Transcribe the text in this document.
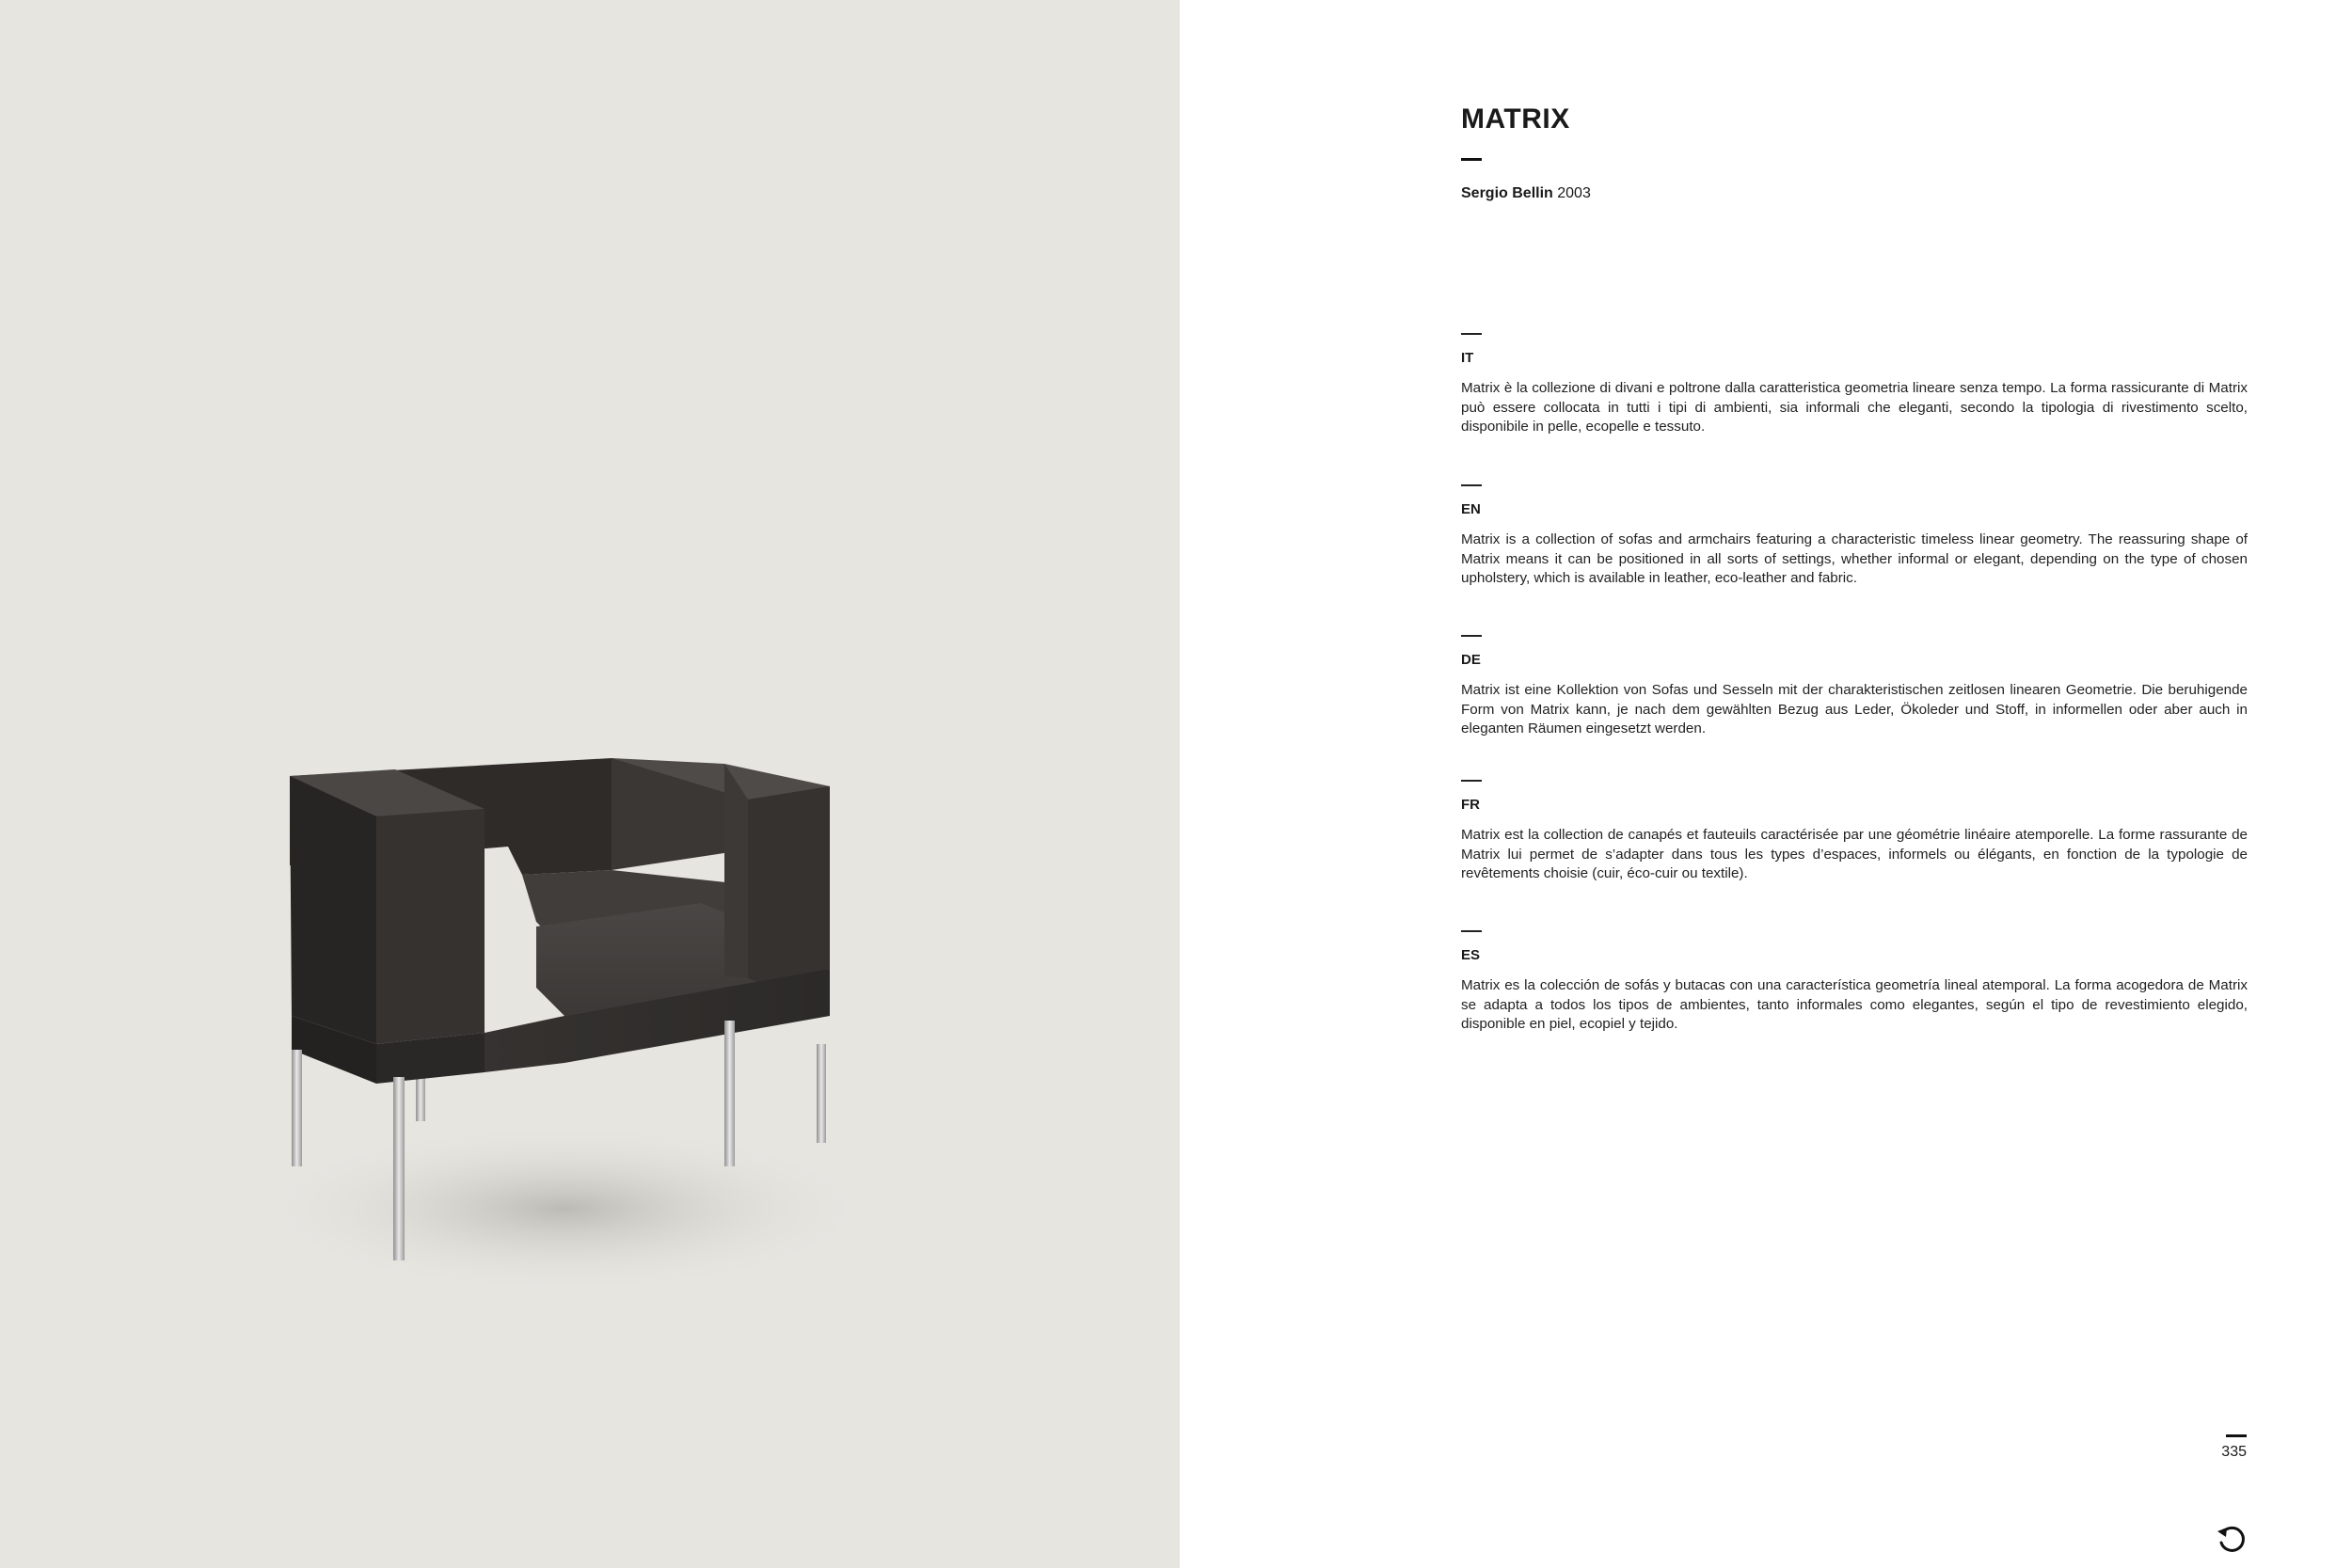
MATRIX
Sergio Bellin 2003
IT

Matrix è la collezione di divani e poltrone dalla caratteristica geometria lineare senza tempo. La forma rassicurante di Matrix può essere collocata in tutti i tipi di ambienti, sia informali che eleganti, secondo la tipologia di rivestimento scelto, disponibile in pelle, ecopelle e tessuto.

EN

Matrix is a collection of sofas and armchairs featuring a characteristic timeless linear geometry. The reassuring shape of Matrix means it can be positioned in all sorts of settings, whether informal or elegant, depending on the type of chosen upholstery, which is available in leather, eco-leather and fabric.

DE

Matrix ist eine Kollektion von Sofas und Sesseln mit der charakteristischen zeitlosen linearen Geometrie. Die beruhigende Form von Matrix kann, je nach dem gewählten Bezug aus Leder, Ökoleder und Stoff, in informellen oder aber auch in eleganten Räumen eingesetzt werden.

FR

Matrix est la collection de canapés et fauteuils caractérisée par une géométrie linéaire atemporelle. La forme rassurante de Matrix lui permet de s’adapter dans tous les types d’espaces, informels ou élégants, en fonction de la typologie de revêtements choisie (cuir, éco-cuir ou textile).

ES

Matrix es la colección de sofás y butacas con una característica geometría lineal atemporal. La forma acogedora de Matrix se adapta a todos los tipos de ambientes, tanto informales como elegantes, según el tipo de revestimiento elegido, disponible en piel, ecopiel y tejido.

335
